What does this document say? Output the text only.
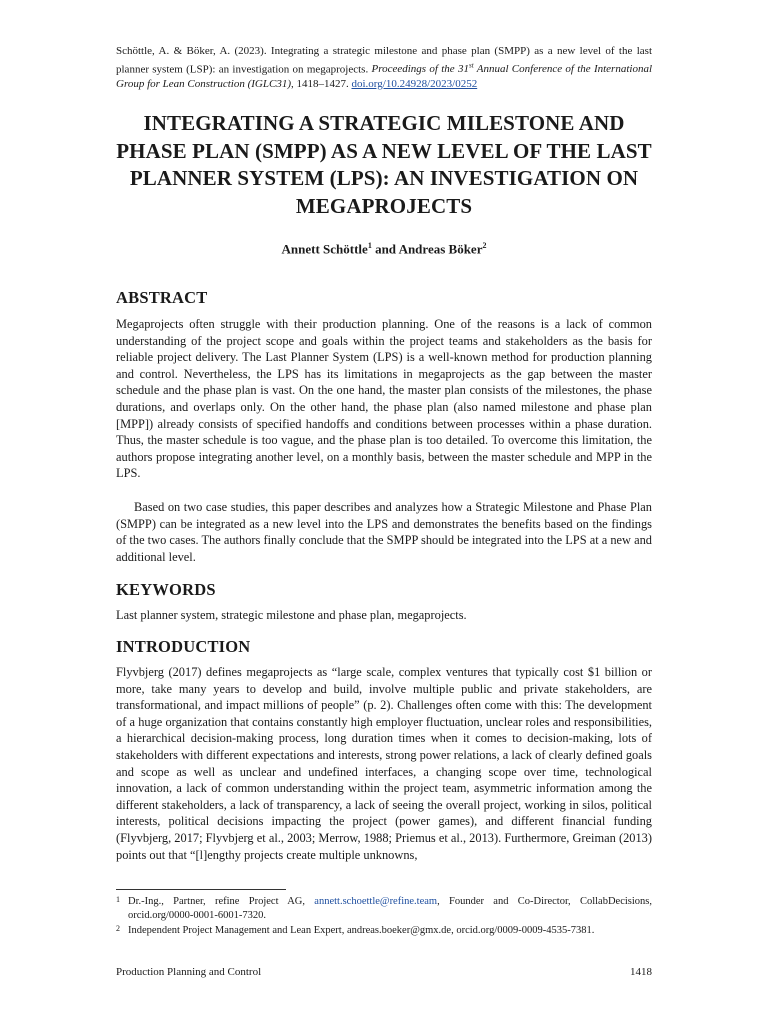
Schöttle, A. & Böker, A. (2023). Integrating a strategic milestone and phase plan (SMPP) as a new level of the last planner system (LSP): an investigation on megaprojects. Proceedings of the 31st Annual Conference of the International Group for Lean Construction (IGLC31), 1418–1427. doi.org/10.24928/2023/0252
INTEGRATING A STRATEGIC MILESTONE AND PHASE PLAN (SMPP) AS A NEW LEVEL OF THE LAST PLANNER SYSTEM (LPS): AN INVESTIGATION ON MEGAPROJECTS
Annett Schöttle$^1$ and Andreas Böker$^2$
ABSTRACT

Megaprojects often struggle with their production planning. One of the reasons is a lack of common understanding of the project scope and goals within the project teams and stakeholders as the basis for reliable project delivery. The Last Planner System (LPS) is a well-known method for production planning and control. Nevertheless, the LPS has its limitations in megaprojects as the gap between the master schedule and the phase plan is vast. On the one hand, the master plan consists of the milestones, the phase durations, and overlaps only. On the other hand, the phase plan (also named milestone and phase plan [MPP]) already consists of specified handoffs and conditions between processes within a phase duration. Thus, the master schedule is too vague, and the phase plan is too detailed. To overcome this limitation, the authors propose integrating another level, on a monthly basis, between the master schedule and MPP in the LPS.

Based on two case studies, this paper describes and analyzes how a Strategic Milestone and Phase Plan (SMPP) can be integrated as a new level into the LPS and demonstrates the benefits based on the findings of the two cases. The authors finally conclude that the SMPP should be integrated into the LPS at a new and additional level.

KEYWORDS

Last planner system, strategic milestone and phase plan, megaprojects.

INTRODUCTION

Flyvbjerg (2017) defines megaprojects as “large scale, complex ventures that typically cost $1 billion or more, take many years to develop and build, involve multiple public and private stakeholders, are transformational, and impact millions of people” (p. 2). Challenges often come with this: The development of a huge organization that contains constantly high employer fluctuation, unclear roles and responsibilities, a hierarchical decision-making process, long duration times when it comes to decision-making, lots of stakeholders with different expectations and interests, strong power relations, a lack of clearly defined goals and scope as well as unclear and undefined interfaces, a changing scope over time, technological innovation, a lack of common understanding within the project team, asymmetric information among the different stakeholders, a lack of transparency, a lack of seeing the overall project, working in silos, political interests, political decisions impacting the project (power games), and different financial funding (Flyvbjerg, 2017; Flyvbjerg et al., 2003; Merrow, 1988; Priemus et al., 2013). Furthermore, Greiman (2013) points out that “[l]engthy projects create multiple unknowns,

1 Dr.-Ing., Partner, refine Project AG, annett.schoettle@refine.team, Founder and Co-Director, CollabDecisions, orcid.org/0000-0001-6001-7320.
2 Independent Project Management and Lean Expert, andreas.boeker@gmx.de, orcid.org/0009-0009-4535-7381.
Production Planning and Control	1418
